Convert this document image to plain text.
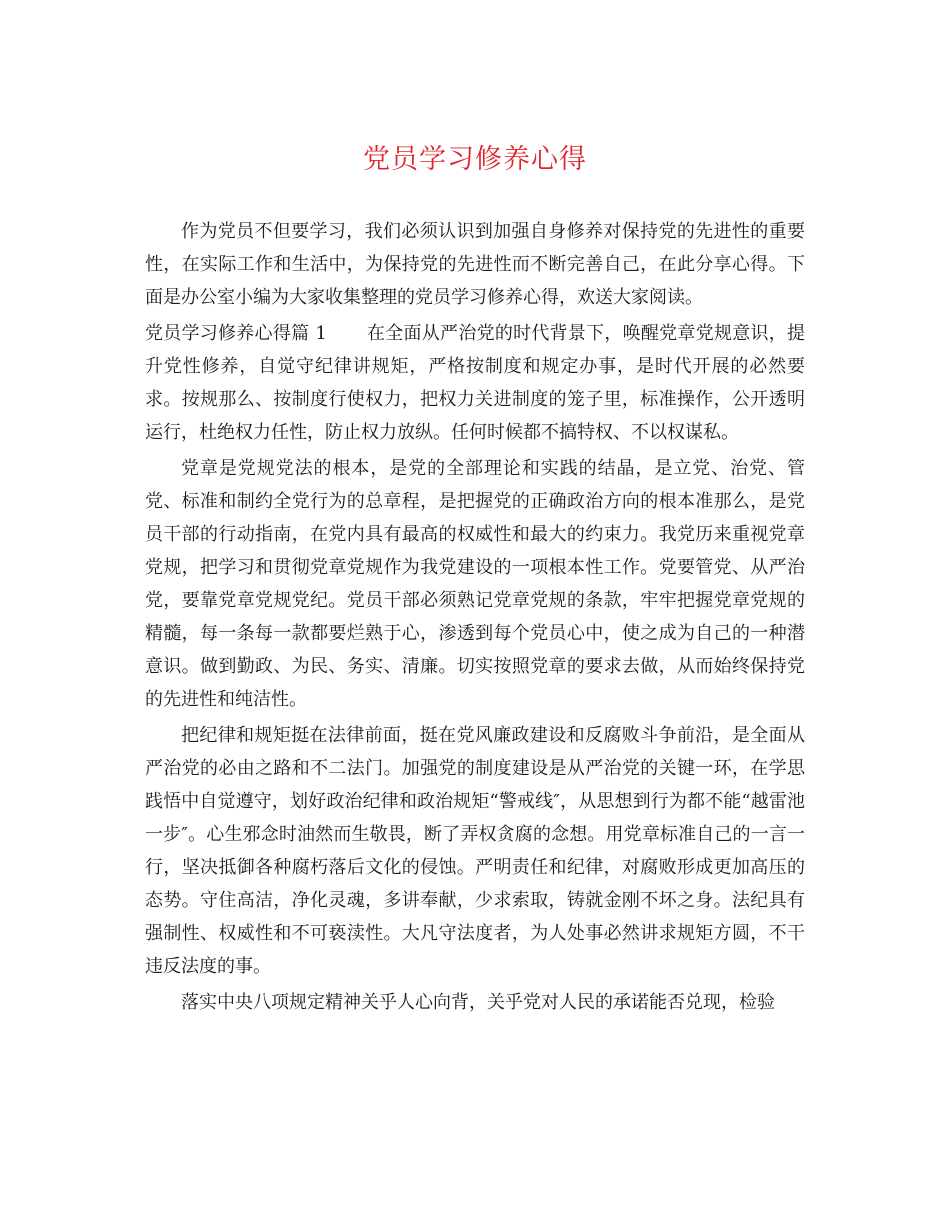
党员学习修养心得

作为党员不但要学习，我们必须认识到加强自身修养对保持党的先进性的重要性，在实际工作和生活中，为保持党的先进性而不断完善自己，在此分享心得。下面是办公室小编为大家收集整理的党员学习修养心得，欢送大家阅读。

党员学习修养心得篇 1 在全面从严治党的时代背景下，唤醒党章党规意识，提升党性修养，自觉守纪律讲规矩，严格按制度和规定办事，是时代开展的必然要求。按规那么、按制度行使权力，把权力关进制度的笼子里，标准操作，公开透明运行，杜绝权力任性，防止权力放纵。任何时候都不搞特权、不以权谋私。

党章是党规党法的根本，是党的全部理论和实践的结晶，是立党、治党、管党、标准和制约全党行为的总章程，是把握党的正确政治方向的根本准那么，是党员干部的行动指南，在党内具有最高的权威性和最大的约束力。我党历来重视党章党规，把学习和贯彻党章党规作为我党建设的一项根本性工作。党要管党、从严治党，要靠党章党规党纪。党员干部必须熟记党章党规的条款，牢牢把握党章党规的精髓，每一条每一款都要烂熟于心，渗透到每个党员心中，使之成为自己的一种潜意识。做到勤政、为民、务实、清廉。切实按照党章的要求去做，从而始终保持党的先进性和纯洁性。

把纪律和规矩挺在法律前面，挺在党风廉政建设和反腐败斗争前沿，是全面从严治党的必由之路和不二法门。加强党的制度建设是从严治党的关键一环，在学思践悟中自觉遵守，划好政治纪律和政治规矩“警戒线″，从思想到行为都不能“越雷池一步″。心生邪念时油然而生敬畏，断了弄权贪腐的念想。用党章标准自己的一言一行，坚决抵御各种腐朽落后文化的侵蚀。严明责任和纪律，对腐败形成更加高压的态势。守住高洁，净化灵魂，多讲奉献，少求索取，铸就金刚不坏之身。法纪具有强制性、权威性和不可亵渎性。大凡守法度者，为人处事必然讲求规矩方圆，不干违反法度的事。

落实中央八项规定精神关乎人心向背，关乎党对人民的承诺能否兑现，检验
